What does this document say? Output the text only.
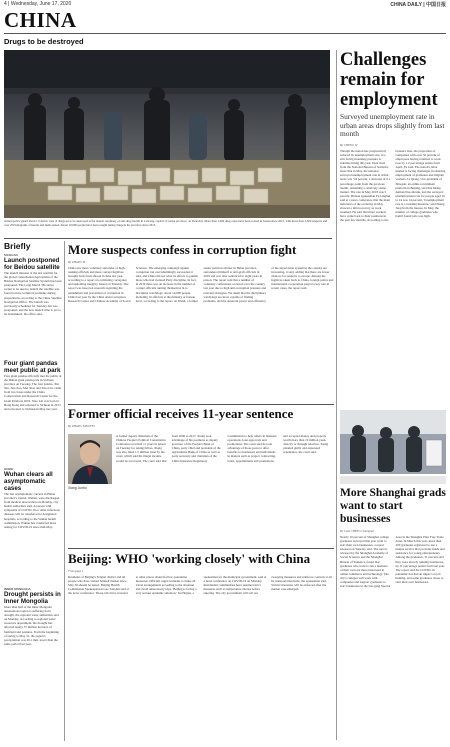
4 | Wednesday, June 17, 2020	CHINA DAILY | 中国日报
CHINA
Drugs to be destroyed
Armed police guard about 1.5 metric tons of drugs set to be destroyed at the launch ceremony of anti-drug month in Lancang, capital of Gansu province, on Thursday. More than 1,000 drug cases have been solved in Gansu since 2015, with more than 2,500 suspects and over 250 kilograms of heroin and meth seized. About 10,000 people have been caught taking drugs in the province since 2015.
Challenges remain for employment
Surveyed unemployment rate in urban areas drops slightly from last month
By CHENG SI
Though the nation has progressively reduced its unemployment rate, it is still facing mounting pressure to stabilize hiring this year. Data cited from the National Bureau of Statistics show that in May, the national surveyed unemployment rate in urban areas was 5.9 percent, a decrease of 0.1 percentage point from the previous month, remaining a relatively stable market. The rate in May 2019 was 5 percent. Bureau spokesman Fu Linghui said at a news conference that the main indicators of the economy in May showed a mild recovery as work resumed. He said that more workers have come back to their positions in the past few months. According to the bureau's data, the proportion of companies with over 50 percent of employees having returned to work rose by 1.2 percentage points from April. Fu said. The nation's labor market is facing challenges in ensuring employment of graduates and migrant workers. Li Qiang, vice-president of Zhaopin, an online recruitment platform in Beijing, said that hiring demand has shrunk, and the surveyed unemployment rate for people aged 16 to 24 was 14 percent. 'Unemployment rate is a trending measure,' said Zhang Jiaqi from the bureau. In May, the number of college graduates who hadn't found jobs was high.
Briefly
SICHUAN
Launch postponed for Beidou satellite
The launch mission of the last satellite for the global constellation deployment of the Beidou Navigation Satellite System has been postponed. The Long March 3B carrier rocket to be used to launch the satellite was found to have technical problems during preparations, according to the China Satellite Navigation Office. The launch was previously scheduled for Tuesday but was postponed, and the new launch time is yet to be determined, the office said.
Four giant pandas meet public at park
Four giant pandas officially met the public at the Dalian giant panda park in Sichuan province on Tuesday. The four pandas, Xin Xin, Jiao Jiao, Mei Xiao and Xiao Lin, came from two bases under the China Conservation and Research Center for the Giant Panda in 2019. Xiao Lin was born in Hong Kong and returned to Sichuan in 2013 and relocated to Sichuan in May last year.
HUBEI
Wuhan clears all asymptomatic cases
The last asymptomatic carriers in Hubei province's capital, Wuhan, were discharged from medical observation on Monday, city health authorities said. A person with symptoms of COVID-19 or other infectious diseases will be transferred to designated hospitals, according to the Wuhan health commission. Wuhan has conducted mass testing for COVID-19 since mid-May.
INNER MONGOLIA
Drought persists in Inner Mongolia
More than half of the Inner Mongolia autonomous region is suffering from drought, the regional water authorities said on Monday. According to regional water resources department, the drought has affected nearly 37 million hectares of farmland and pastures. From the beginning of spring to May 31, the region's precipitation was 20.1 mm, lower than the same period last year.
More suspects confess in corruption fight
By ZHANG YI
China saw more voluntary surrender of high-ranking officials and more corrupt fugitives brought back from abroad in June last year, according to a report on combating corruption and upholding integrity issued on Tuesday. The report was based on research regarding the punishment and prevention of corruption in China last year by the China Anti-Corruption Research Center and Chinese Academy of Social Sciences. The emerging campaign against corruption can overwhelmingly succeeded, it said, and China did not relax its efforts to punish those who had violated Party discipline. In fact, in 2019 there was an increase in the number of corrupt officials turning themselves in to discipline watchdogs: about 10,000 people, including 16 officials at the ministry or bureau level, according to the report. At Wenli, a former senior political adviser in Hebei province, surrendered himself to anti-graft officials in 2019 and was later sentenced to eight years in prison. The report said that a number of voluntary confessions occurred over the country last year due to high anti-corruption pressure and relevant strategies. We deem that the disciplinary watchdogs are more capable of finding problems, and the deterrent power and efficiency of the supervision system in the country are increasing, it said, adding that there are fewer chances for suspects to escape. Among the fugitives taken back to China, foreign police and international cooperation played a key role in recent cases, the report said.
Former official receives 11-year sentence
By ZHANG YANGFEI
Xiang Junbo
A former deputy chairman of the Chinese People's Political Consultative Conference received 11 years in prison on Tuesday for taking bribes. Xiang was also fined 1.5 million yuan by the court, which said his illegal income would be recovered. The court said that from 2006 to 2017, Xiang took advantage of his positions as deputy governor of the People's Bank of China, party chief and president of the Agricultural Bank of China as well as party secretary and chairman of the China Insurance Regulatory Commission to help others in business operations, loan approvals and promotions. The court said he took advantage of those posts to offer benefits to businesses and individuals in matters such as project contracting, loans, appointments and promotions, and accepted money and property worth more than 19 million yuan, directly or through relatives. Xiang pleaded guilty and expressed repentance, the court said.
Beijing: WHO 'working closely' with China
From page 1
Residents of Beijing's Fengtai district and all people who have visited Xinfadi market since May 30 should be tested. Beijing Health Commission Spokesperson Gao Xiaojun said at the news conference. Those who have traveled to other places should follow quarantine measures. Officials urged residents to make all travel arrangements according to the situation and avoid unnecessary trips. 'Beijing is facing a very serious epidemic situation,' Xu Hejian, a spokesman for the municipal government, said at a news conference on COVID-19 on Monday. Residential communities have resumed strict measures such as temperature checks before entering. The city government will roll out sweeping measures and reinforce controls at all its transportation hubs, the spokesman said. Stricter measures will be enforced after the market case emerged.
More Shanghai grads want to start businesses
By CAO CHEN in Shanghai
Nearly 10 percent of Shanghai college graduates surveyed this year want to start their own businesses, a report released on Tuesday said. The report, released by the Shanghai Academy of Social Sciences and the Shanghai Bureau of Statistics, found that graduates who want to run a business of their own are more interested in online commerce and technology. The city's colleges will work with companies and support graduates to start businesses in the Lin-gang Special Area in the Shanghai Pilot Free Trade Zone. In March this year, more than 200 graduates registered to use a unique service that provides funds and assistance for young entrepreneurs. Among the graduates, 31 percent said they were already running businesses, up 11 percentage points from last year. The report said the COVID-19 pandemic has had an impact on job hunting, and some graduates chose to start their own businesses.
